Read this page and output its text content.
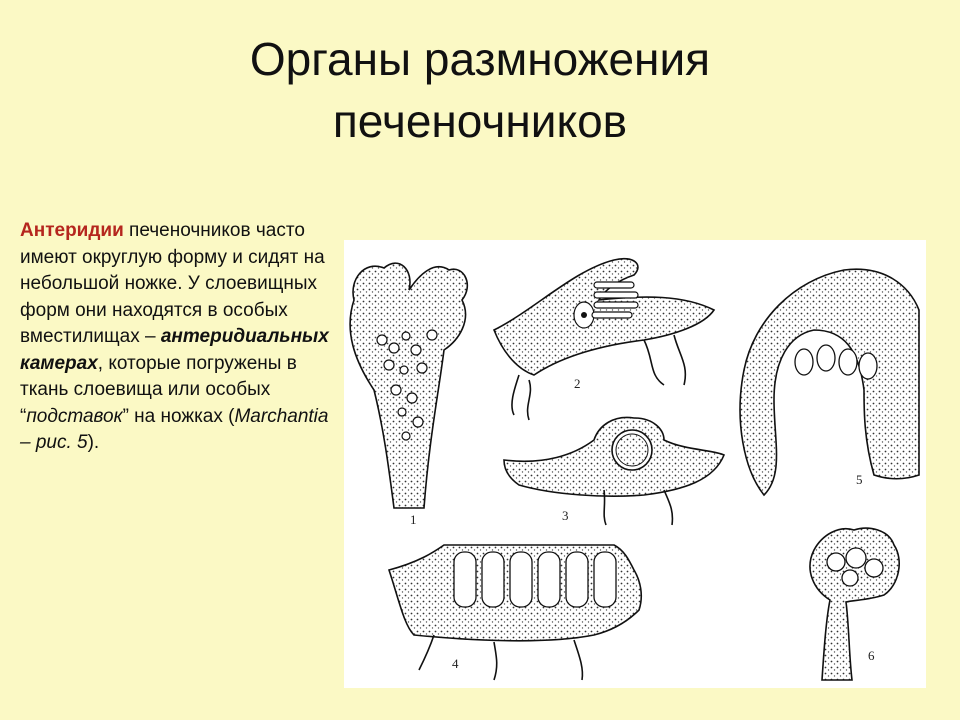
Органы размножения
печеночников
Антеридии печеночников часто имеют округлую форму и сидят на небольшой ножке. У слоевищных форм они находятся в особых вместилищах – антеридиальных камерах, которые погружены в ткань слоевища или особых “подставок” на ножках (Marchantia – рис. 5).
1
2
3
4
5
6
